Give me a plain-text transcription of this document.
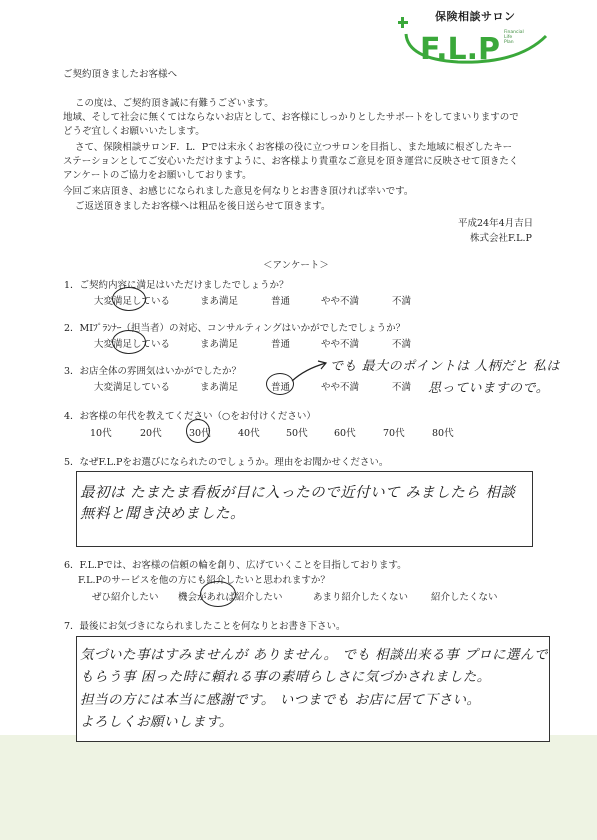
保険相談サロン
F.L.P Financial
Life
Plan
ご契約頂きましたお客様へ
この度は、ご契約頂き誠に有難うございます。
地域、そして社会に無くてはならないお店として、お客様にしっかりとしたサポートをしてまいりますので
どうぞ宜しくお願いいたします。
さて、保険相談サロンF．L．Pでは末永くお客様の役に立つサロンを目指し、また地域に根ざしたキー
ステーションとしてご安心いただけますように、お客様より貴重なご意見を頂き運営に反映させて頂きたく
アンケートのご協力をお願いしております。
今回ご来店頂き、お感じになられました意見を何なりとお書き頂ければ幸いです。
ご返送頂きましたお客様へは粗品を後日送らせて頂きます。
平成24年4月吉日
株式会社F.L.P
＜アンケート＞
1．ご契約内容に満足はいただけましたでしょうか？
大変満足している	まあ満足	普通	やや不満	不満
2．MIﾌﾟﾗﾝﾅｰ（担当者）の対応、コンサルティングはいかがでしたでしょうか？
大変満足している	まあ満足	普通	やや不満	不満
3．お店全体の雰囲気はいかがでしたか？
大変満足している	まあ満足	普通	やや不満	不満
でも 最大のポイントは 人柄だと 私は
思っていますので。
4．お客様の年代を教えてください（○をお付けください）
10代	20代	30代	40代	50代	60代	70代	80代
5．なぜF.L.Pをお選びになられたのでしょうか。理由をお聞かせください。
最初は たまたま看板が目に入ったので近付いて みましたら 相談
無料と聞き決めました。
6．F.L.Pでは、お客様の信頼の輪を創り、広げていくことを目指しております。
F.L.Pのサービスを他の方にも紹介したいと思われますか？
ぜひ紹介したい 機会があれば紹介したい	あまり紹介したくない 紹介したくない
7．最後にお気づきになられましたことを何なりとお書き下さい。
気づいた事はすみませんが ありません。 でも 相談出来る事 プロに選んで
もらう事 困った時に頼れる事の素晴らしさに気づかされました。
担当の方には本当に感謝です。 いつまでも お店に居て下さい。
よろしくお願いします。
